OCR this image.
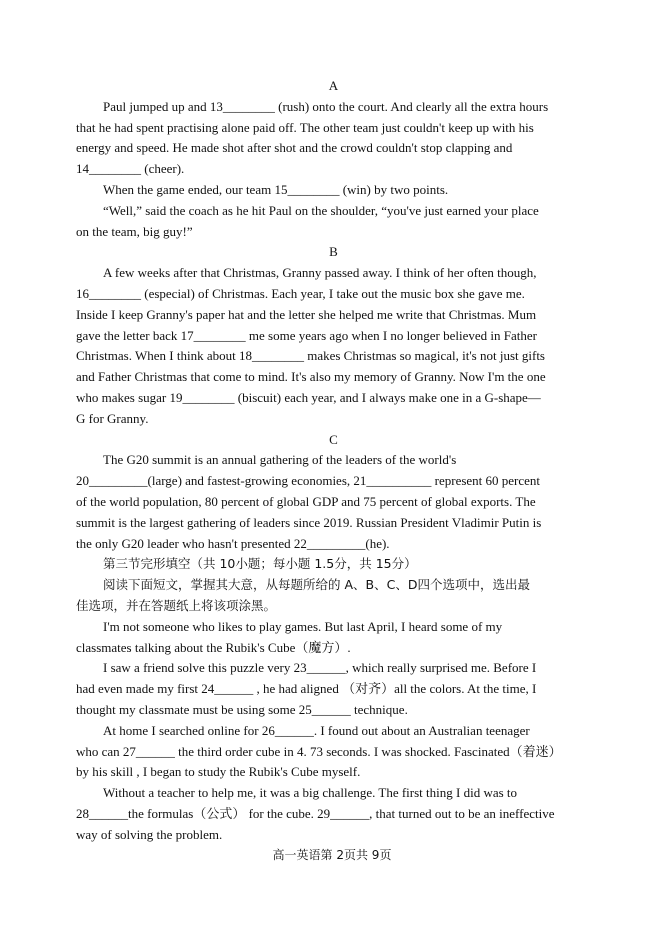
A
Paul jumped up and 13________ (rush) onto the court. And clearly all the extra hours
that he had spent practising alone paid off. The other team just couldn't keep up with his
energy and speed. He made shot after shot and the crowd couldn't stop clapping and
14________ (cheer).
When the game ended, our team 15________ (win) by two points.
“Well,” said the coach as he hit Paul on the shoulder, “you've just earned your place
on the team, big guy!”
B
A few weeks after that Christmas, Granny passed away. I think of her often though,
16________ (especial) of Christmas. Each year, I take out the music box she gave me.
Inside I keep Granny's paper hat and the letter she helped me write that Christmas. Mum
gave the letter back 17________ me some years ago when I no longer believed in Father
Christmas. When I think about 18________ makes Christmas so magical, it's not just gifts
and Father Christmas that come to mind. It's also my memory of Granny. Now I'm the one
who makes sugar 19________ (biscuit) each year, and I always make one in a G-shape—
G for Granny.
C
The G20 summit is an annual gathering of the leaders of the world's
20_________(large) and fastest-growing economies, 21__________ represent 60 percent
of the world population, 80 percent of global GDP and 75 percent of global exports. The
summit is the largest gathering of leaders since 2019. Russian President Vladimir Putin is
the only G20 leader who hasn't presented 22_________(he).
第三节完形填空（共 10小题；每小题 1.5分，共 15分）
阅读下面短文，掌握其大意，从每题所给的 A、B、C、D四个选项中，选出最
佳选项，并在答题纸上将该项涂黑。
I'm not someone who likes to play games. But last April, I heard some of my
classmates talking about the Rubik's Cube（魔方）.
I saw a friend solve this puzzle very 23______, which really surprised me. Before I
had even made my first 24______ , he had aligned （对齐）all the colors. At the time, I
thought my classmate must be using some 25______ technique.
At home I searched online for 26______. I found out about an Australian teenager
who can 27______ the third order cube in 4. 73 seconds. I was shocked. Fascinated（着迷）
by his skill , I began to study the Rubik's Cube myself.
Without a teacher to help me, it was a big challenge. The first thing I did was to
28______the formulas（公式） for the cube. 29______, that turned out to be an ineffective
way of solving the problem.
高一英语第 2页共 9页
